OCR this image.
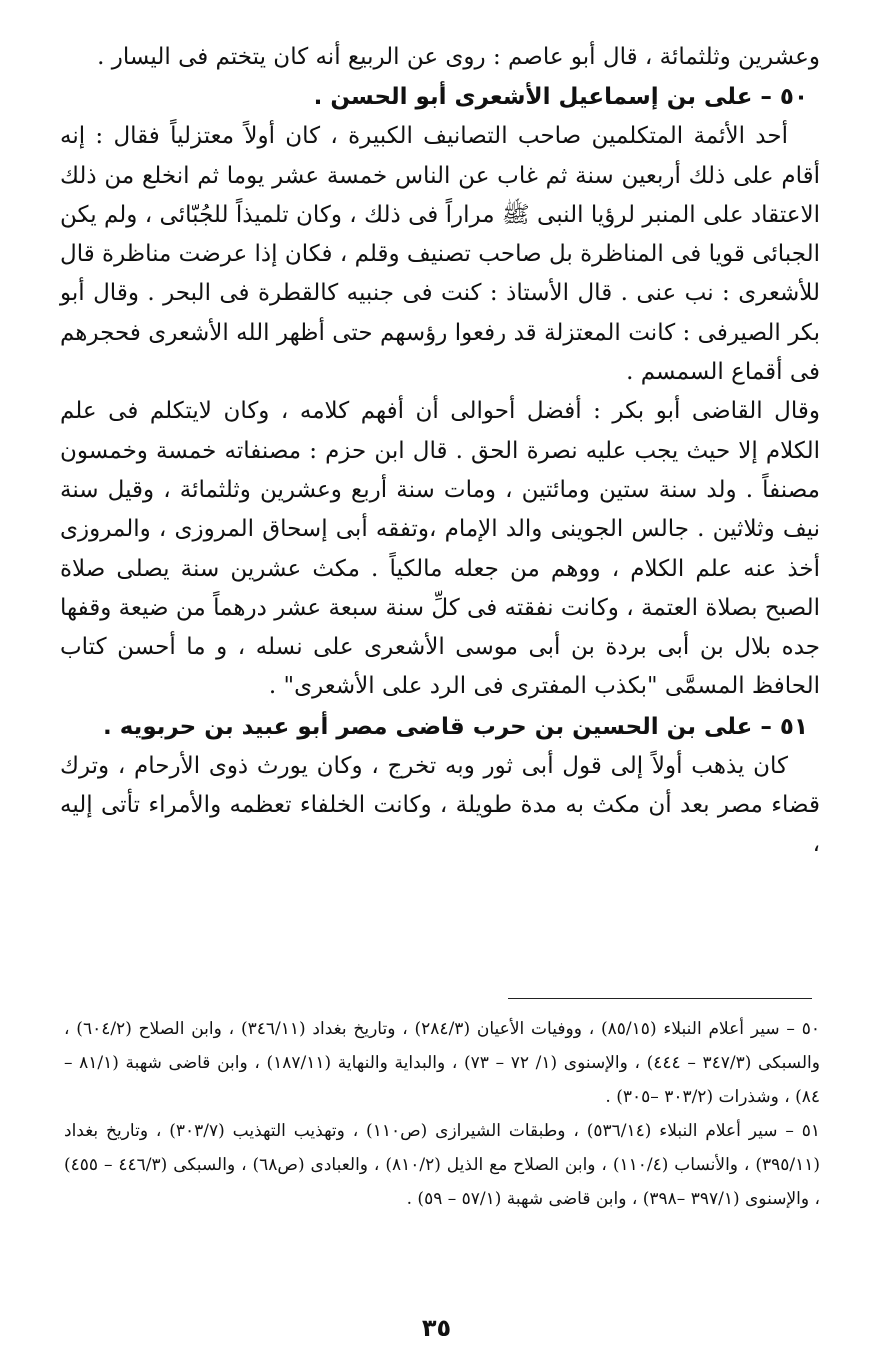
وعشرين وثلثمائة ، قال أبو عاصم : روى عن الربيع أنه كان يتختم فى اليسار .

٥٠ – على بن إسماعيل الأشعرى أبو الحسن .

أحد الأئمة المتكلمين صاحب التصانيف الكبيرة ، كان أولاً معتزلياً فقال : إنه أقام على ذلك أربعين سنة ثم غاب عن الناس خمسة عشر يوما ثم انخلع من ذلك الاعتقاد على المنبر لرؤيا النبى ﷺ مراراً فى ذلك ، وكان تلميذاً للجُبّائى ، ولم يكن الجبائى قويا فى المناظرة بل صاحب تصنيف وقلم ، فكان إذا عرضت مناظرة قال للأشعرى : نب عنى . قال الأستاذ : كنت فى جنبيه كالقطرة فى البحر . وقال أبو بكر الصيرفى : كانت المعتزلة قد رفعوا رؤسهم حتى أظهر الله الأشعرى فحجرهم فى أقماع السمسم .

وقال القاضى أبو بكر : أفضل أحوالى أن أفهم كلامه ، وكان لايتكلم فى علم الكلام إلا حيث يجب عليه نصرة الحق . قال ابن حزم : مصنفاته خمسة وخمسون مصنفاً . ولد سنة ستين ومائتين ، ومات سنة أربع وعشرين وثلثمائة ، وقيل سنة نيف وثلاثين . جالس الجوينى والد الإمام ،وتفقه أبى إسحاق المروزى ، والمروزى أخذ عنه علم الكلام ، ووهم من جعله مالكياً . مكث عشرين سنة يصلى صلاة الصبح بصلاة العتمة ، وكانت نفقته فى كلِّ سنة سبعة عشر درهماً من ضيعة وقفها جده بلال بن أبى بردة بن أبى موسى الأشعرى على نسله ، و ما أحسن كتاب الحافظ المسمَّى "بكذب المفترى فى الرد على الأشعرى" .

٥١ – على بن الحسين بن حرب قاضى مصر أبو عبيد بن حربويه .

كان يذهب أولاً إلى قول أبى ثور وبه تخرج ، وكان يورث ذوى الأرحام ، وترك قضاء مصر بعد أن مكث به مدة طويلة ، وكانت الخلفاء تعظمه والأمراء تأتى إليه ،

٥٠ – سير أعلام النبلاء (٨٥/١٥) ، ووفيات الأعيان (٢٨٤/٣) ، وتاريخ بغداد (٣٤٦/١١) ، وابن الصلاح (٦٠٤/٢) ، والسبكى (٣٤٧/٣ – ٤٤٤) ، والإسنوى (١/ ٧٢ – ٧٣) ، والبداية والنهاية (١٨٧/١١) ، وابن قاضى شهبة (٨١/١ – ٨٤) ، وشذرات (٣٠٣/٢ –٣٠٥) .

٥١ – سير أعلام النبلاء (٥٣٦/١٤) ، وطبقات الشيرازى (ص١١٠) ، وتهذيب التهذيب (٣٠٣/٧) ، وتاريخ بغداد (٣٩٥/١١) ، والأنساب (١١٠/٤) ، وابن الصلاح مع الذيل (٨١٠/٢) ، والعبادى (ص٦٨) ، والسبكى (٤٤٦/٣ – ٤٥٥) ، والإسنوى (٣٩٧/١ –٣٩٨) ، وابن قاضى شهبة (٥٧/١ – ٥٩) .

٣٥
